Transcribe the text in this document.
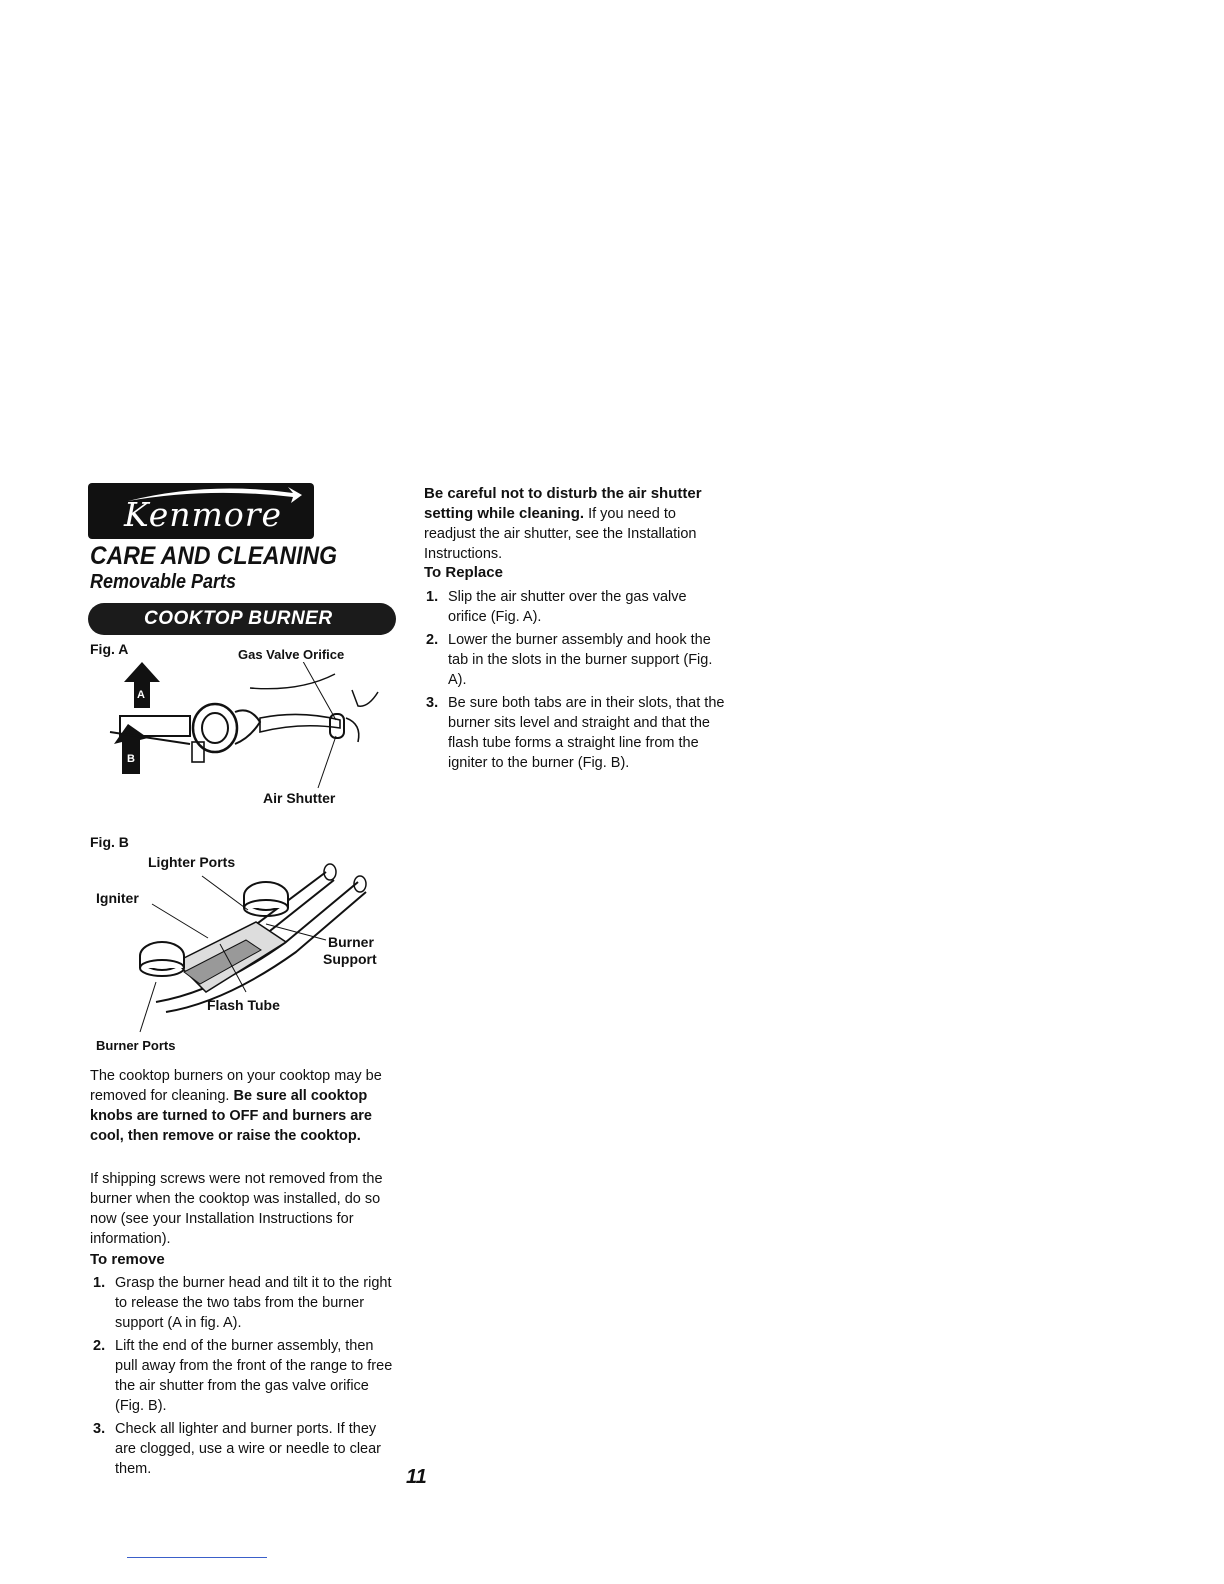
Kenmore
CARE AND CLEANING
Removable Parts
COOKTOP BURNER
Fig. A	Gas Valve Orifice
A
B
Air Shutter
Fig. B
Lighter Ports
Igniter
Burner
Support
Flash Tube
Burner Ports
The cooktop burners on your cooktop may be removed for cleaning. Be sure all cooktop knobs are turned to OFF and burners are cool, then remove or raise the cooktop.
If shipping screws were not removed from the burner when the cooktop was installed, do so now (see your Installation Instructions for information).
To remove
1. Grasp the burner head and tilt it to the right to release the two tabs from the burner support (A in fig. A).
2. Lift the end of the burner assembly, then pull away from the front of the range to free the air shutter from the gas valve orifice (Fig. B).
3. Check all lighter and burner ports. If they are clogged, use a wire or needle to clear them.
Be careful not to disturb the air shutter setting while cleaning. If you need to readjust the air shutter, see the Installation Instructions.
To Replace
1. Slip the air shutter over the gas valve orifice (Fig. A).
2. Lower the burner assembly and hook the tab in the slots in the burner support (Fig. A).
3. Be sure both tabs are in their slots, that the burner sits level and straight and that the flash tube forms a straight line from the igniter to the burner (Fig. B).
11
